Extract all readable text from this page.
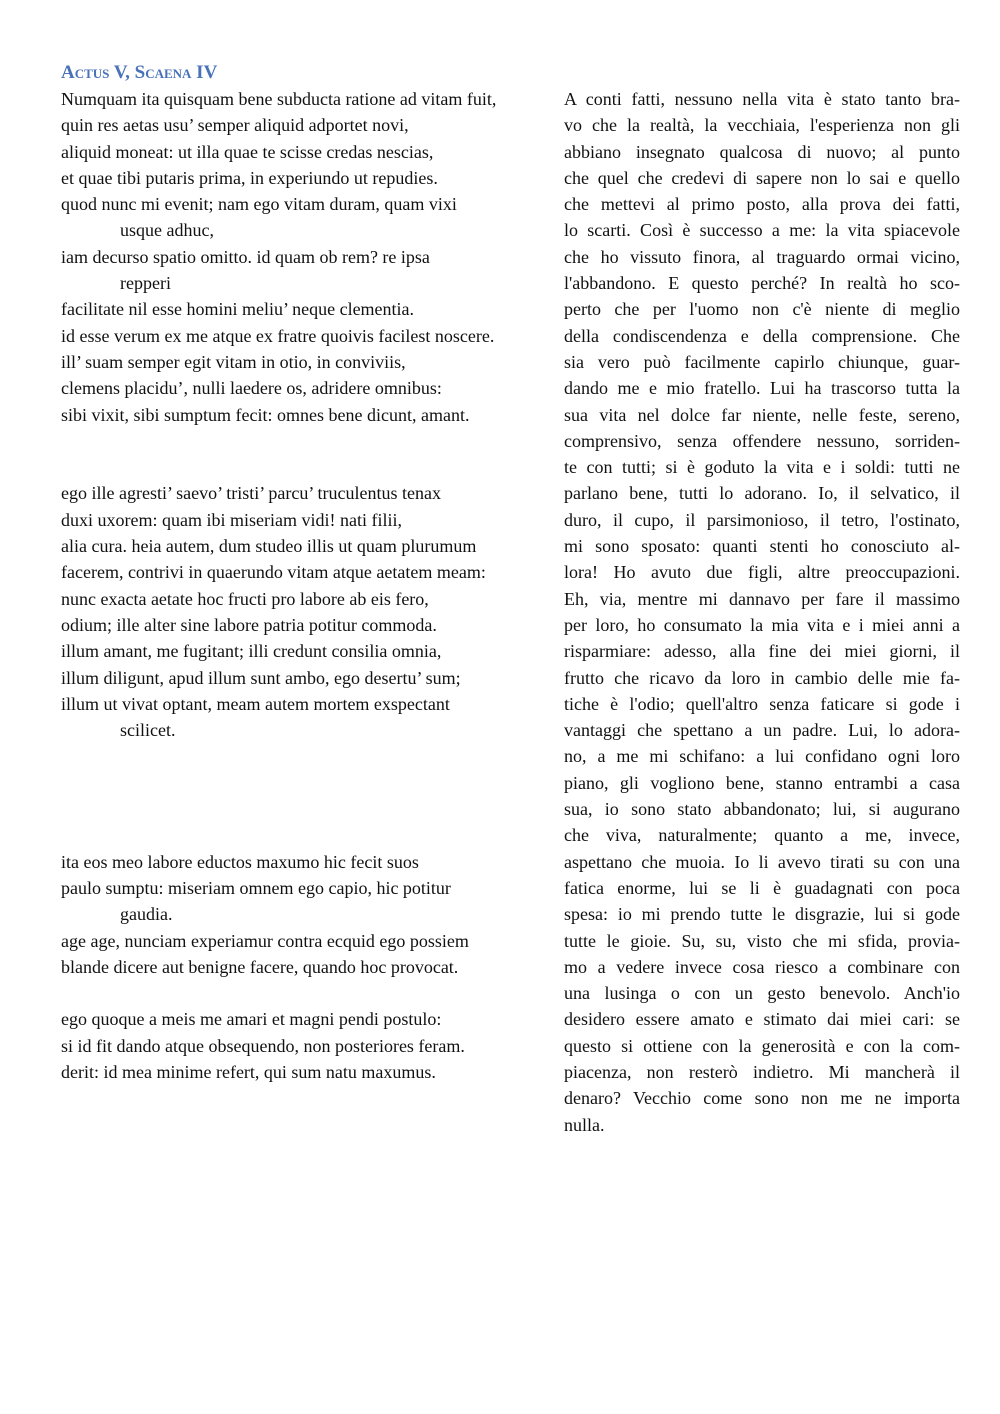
Actus V, Scaena IV
Numquam ita quisquam bene subducta ratione ad vitam fuit,
quin res aetas usu’ semper aliquid adportet novi,
aliquid moneat: ut illa quae te scisse credas nescias,
et quae tibi putaris prima, in experiundo ut repudies.
quod nunc mi evenit; nam ego vitam duram, quam vixi
usque adhuc,
iam decurso spatio omitto. id quam ob rem? re ipsa
repperi
facilitate nil esse homini meliu’ neque clementia.
id esse verum ex me atque ex fratre quoivis facilest noscere.
ill’ suam semper egit vitam in otio, in conviviis,
clemens placidu’, nulli laedere os, adridere omnibus:
sibi vixit, sibi sumptum fecit: omnes bene dicunt, amant.
ego ille agresti’ saevo’ tristi’ parcu’ truculentus tenax
duxi uxorem: quam ibi miseriam vidi! nati filii,
alia cura. heia autem, dum studeo illis ut quam plurumum
facerem, contrivi in quaerundo vitam atque aetatem meam:
nunc exacta aetate hoc fructi pro labore ab eis fero,
odium; ille alter sine labore patria potitur commoda.
illum amant, me fugitant; illi credunt consilia omnia,
illum diligunt, apud illum sunt ambo, ego desertu’ sum;
illum ut vivat optant, meam autem mortem exspectant
scilicet.
ita eos meo labore eductos maxumo hic fecit suos
paulo sumptu: miseriam omnem ego capio, hic potitur
gaudia.
age age, nunciam experiamur contra ecquid ego possiem
blande dicere aut benigne facere, quando hoc provocat.
ego quoque a meis me amari et magni pendi postulo:
si id fit dando atque obsequendo, non posteriores feram.
derit: id mea minime refert, qui sum natu maxumus.
A conti fatti, nessuno nella vita è stato tanto bra-
vo che la realtà, la vecchiaia, l'esperienza non gli
abbiano insegnato qualcosa di nuovo; al punto
che quel che credevi di sapere non lo sai e quello
che mettevi al primo posto, alla prova dei fatti,
lo scarti. Così è successo a me: la vita spiacevole
che ho vissuto finora, al traguardo ormai vicino,
l'abbandono. E questo perché? In realtà ho sco-
perto che per l'uomo non c'è niente di meglio
della condiscendenza e della comprensione. Che
sia vero può facilmente capirlo chiunque, guar-
dando me e mio fratello. Lui ha trascorso tutta la
sua vita nel dolce far niente, nelle feste, sereno,
comprensivo, senza offendere nessuno, sorriden-
te con tutti; si è goduto la vita e i soldi: tutti ne
parlano bene, tutti lo adorano. Io, il selvatico, il
duro, il cupo, il parsimonioso, il tetro, l'ostinato,
mi sono sposato: quanti stenti ho conosciuto al-
lora! Ho avuto due figli, altre preoccupazioni.
Eh, via, mentre mi dannavo per fare il massimo
per loro, ho consumato la mia vita e i miei anni a
risparmiare: adesso, alla fine dei miei giorni, il
frutto che ricavo da loro in cambio delle mie fa-
tiche è l'odio; quell'altro senza faticare si gode i
vantaggi che spettano a un padre. Lui, lo adora-
no, a me mi schifano: a lui confidano ogni loro
piano, gli vogliono bene, stanno entrambi a casa
sua, io sono stato abbandonato; lui, si augurano
che viva, naturalmente; quanto a me, invece,
aspettano che muoia. Io li avevo tirati su con una
fatica enorme, lui se li è guadagnati con poca
spesa: io mi prendo tutte le disgrazie, lui si gode
tutte le gioie. Su, su, visto che mi sfida, provia-
mo a vedere invece cosa riesco a combinare con
una lusinga o con un gesto benevolo. Anch'io
desidero essere amato e stimato dai miei cari: se
questo si ottiene con la generosità e con la com-
piacenza, non resterò indietro. Mi mancherà il
denaro? Vecchio come sono non me ne importa
nulla.
